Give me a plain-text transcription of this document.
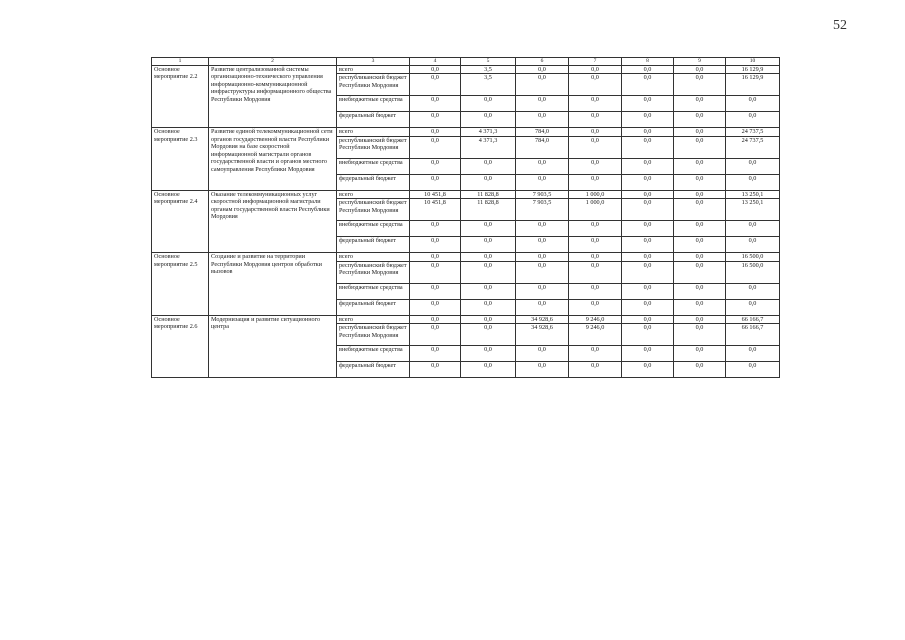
52
1	2	3	4	5	6	7	8	9	10
Основное мероприятие 2.2	Развитие централизованной системы организационно-технического управления информационно-коммуникационной инфраструктуры информационного общества Республики Мордовия	всего	0,0	3,5	0,0	0,0	0,0	0,0	16 129,9
		республиканский бюджет Республики Мордовия	0,0	3,5	0,0	0,0	0,0	0,0	16 129,9
		внебюджетные средства	0,0	0,0	0,0	0,0	0,0	0,0	0,0
		федеральный бюджет	0,0	0,0	0,0	0,0	0,0	0,0	0,0
Основное мероприятие 2.3	Развитие единой телекоммуникационной сети органов государственной власти Республики Мордовия на базе скоростной информационной магистрали органов государственной власти и органов местного самоуправления Республики Мордовия	всего	0,0	4 371,3	784,0	0,0	0,0	0,0	24 737,5
		республиканский бюджет Республики Мордовия	0,0	4 371,3	784,0	0,0	0,0	0,0	24 737,5
		внебюджетные средства	0,0	0,0	0,0	0,0	0,0	0,0	0,0
		федеральный бюджет	0,0	0,0	0,0	0,0	0,0	0,0	0,0
Основное мероприятие 2.4	Оказание телекоммуникационных услуг скоростной информационной магистрали органам государственной власти Республики Мордовия	всего	10 451,8	11 828,8	7 903,5	1 000,0	0,0	0,0	13 250,1
		республиканский бюджет Республики Мордовия	10 451,8	11 828,8	7 903,5	1 000,0	0,0	0,0	13 250,1
		внебюджетные средства	0,0	0,0	0,0	0,0	0,0	0,0	0,0
		федеральный бюджет	0,0	0,0	0,0	0,0	0,0	0,0	0,0
Основное мероприятие 2.5	Создание и развитие на территории Республики Мордовия центров обработки вызовов	всего	0,0	0,0	0,0	0,0	0,0	0,0	16 500,0
		республиканский бюджет Республики Мордовия	0,0	0,0	0,0	0,0	0,0	0,0	16 500,0
		внебюджетные средства	0,0	0,0	0,0	0,0	0,0	0,0	0,0
		федеральный бюджет	0,0	0,0	0,0	0,0	0,0	0,0	0,0
Основное мероприятие 2.6	Модернизация и развитие ситуационного центра	всего	0,0	0,0	34 928,6	9 246,0	0,0	0,0	66 166,7
		республиканский бюджет Республики Мордовия	0,0	0,0	34 928,6	9 246,0	0,0	0,0	66 166,7
		внебюджетные средства	0,0	0,0	0,0	0,0	0,0	0,0	0,0
		федеральный бюджет	0,0	0,0	0,0	0,0	0,0	0,0	0,0
